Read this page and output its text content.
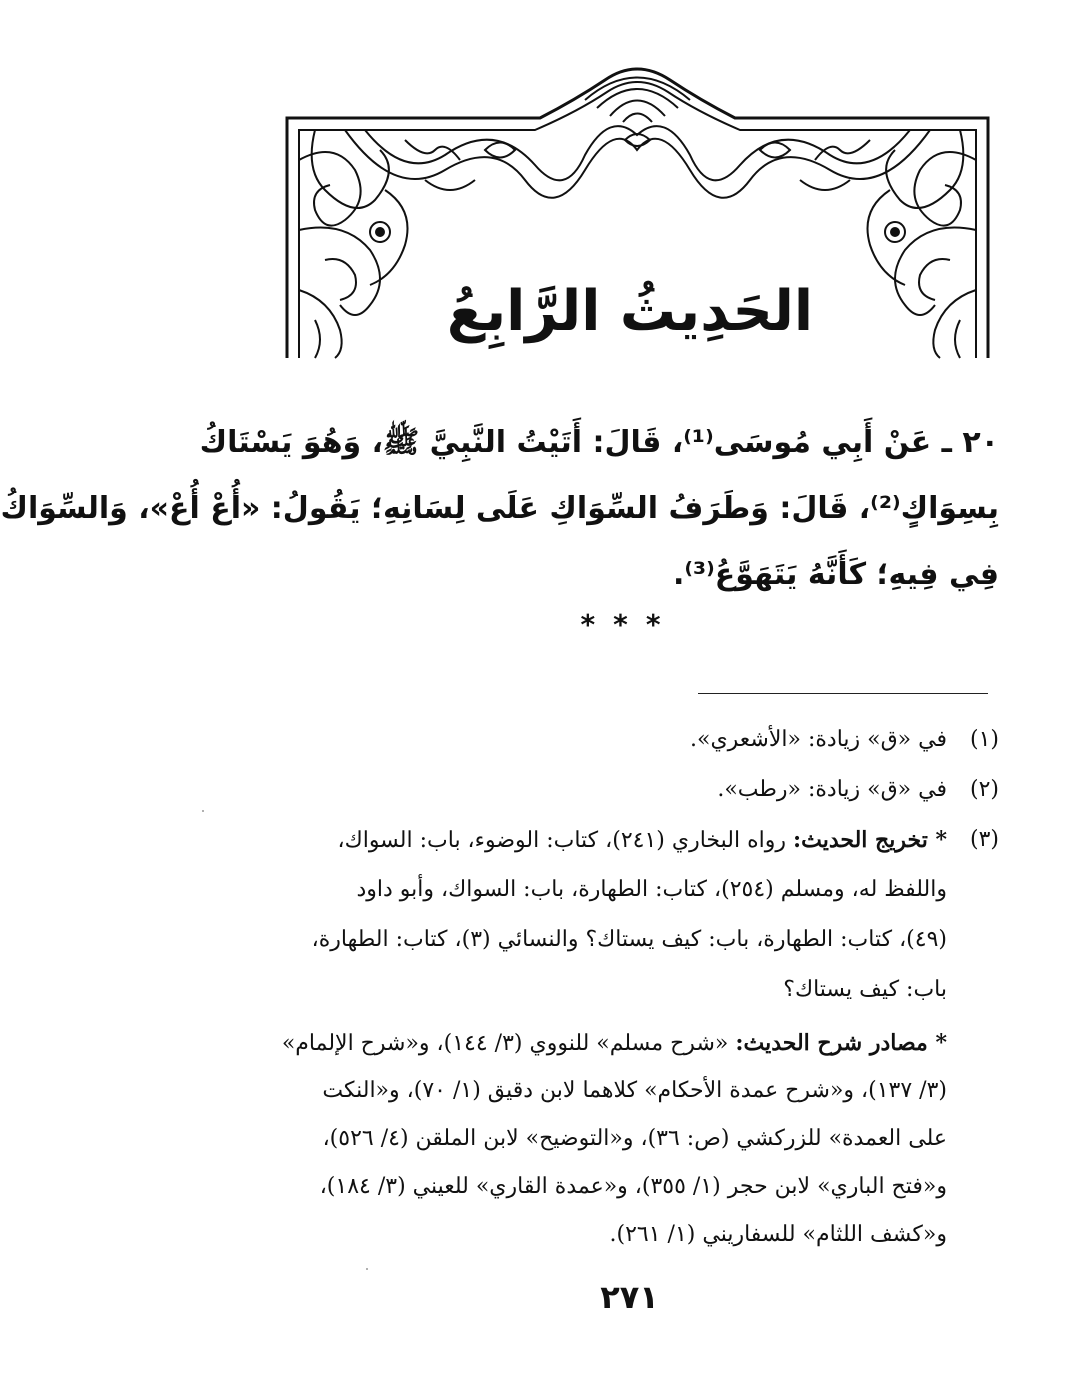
الحَدِيثُ الرَّابِعُ
٢٠ ـ عَنْ أَبِي مُوسَى⁽¹⁾، قَالَ: أَتَيْتُ النَّبِيَّ ﷺ، وَهُوَ يَسْتَاكُ
بِسِوَاكٍ⁽²⁾، قَالَ: وَطَرَفُ السِّوَاكِ عَلَى لِسَانِهِ؛ يَقُولُ: «أُعْ أُعْ»، وَالسِّوَاكُ
فِي فِيهِ؛ كَأَنَّهُ يَتَهَوَّعُ⁽³⁾.
***
(١)
في «ق» زيادة: «الأشعري».
(٢)
في «ق» زيادة: «رطب».
(٣)
* تخريج الحديث: رواه البخاري (٢٤١)، كتاب: الوضوء، باب: السواك،
واللفظ له، ومسلم (٢٥٤)، كتاب: الطهارة، باب: السواك، وأبو داود
(٤٩)، كتاب: الطهارة، باب: كيف يستاك؟ والنسائي (٣)، كتاب: الطهارة،
باب: كيف يستاك؟
* مصادر شرح الحديث: «شرح مسلم» للنووي (٣/ ١٤٤)، و«شرح الإلمام»
(٣/ ١٣٧)، و«شرح عمدة الأحكام» كلاهما لابن دقيق (١/ ٧٠)، و«النكت
على العمدة» للزركشي (ص: ٣٦)، و«التوضيح» لابن الملقن (٤/ ٥٢٦)،
و«فتح الباري» لابن حجر (١/ ٣٥٥)، و«عمدة القاري» للعيني (٣/ ١٨٤)،
و«كشف اللثام» للسفاريني (١/ ٢٦١).
٢٧١
